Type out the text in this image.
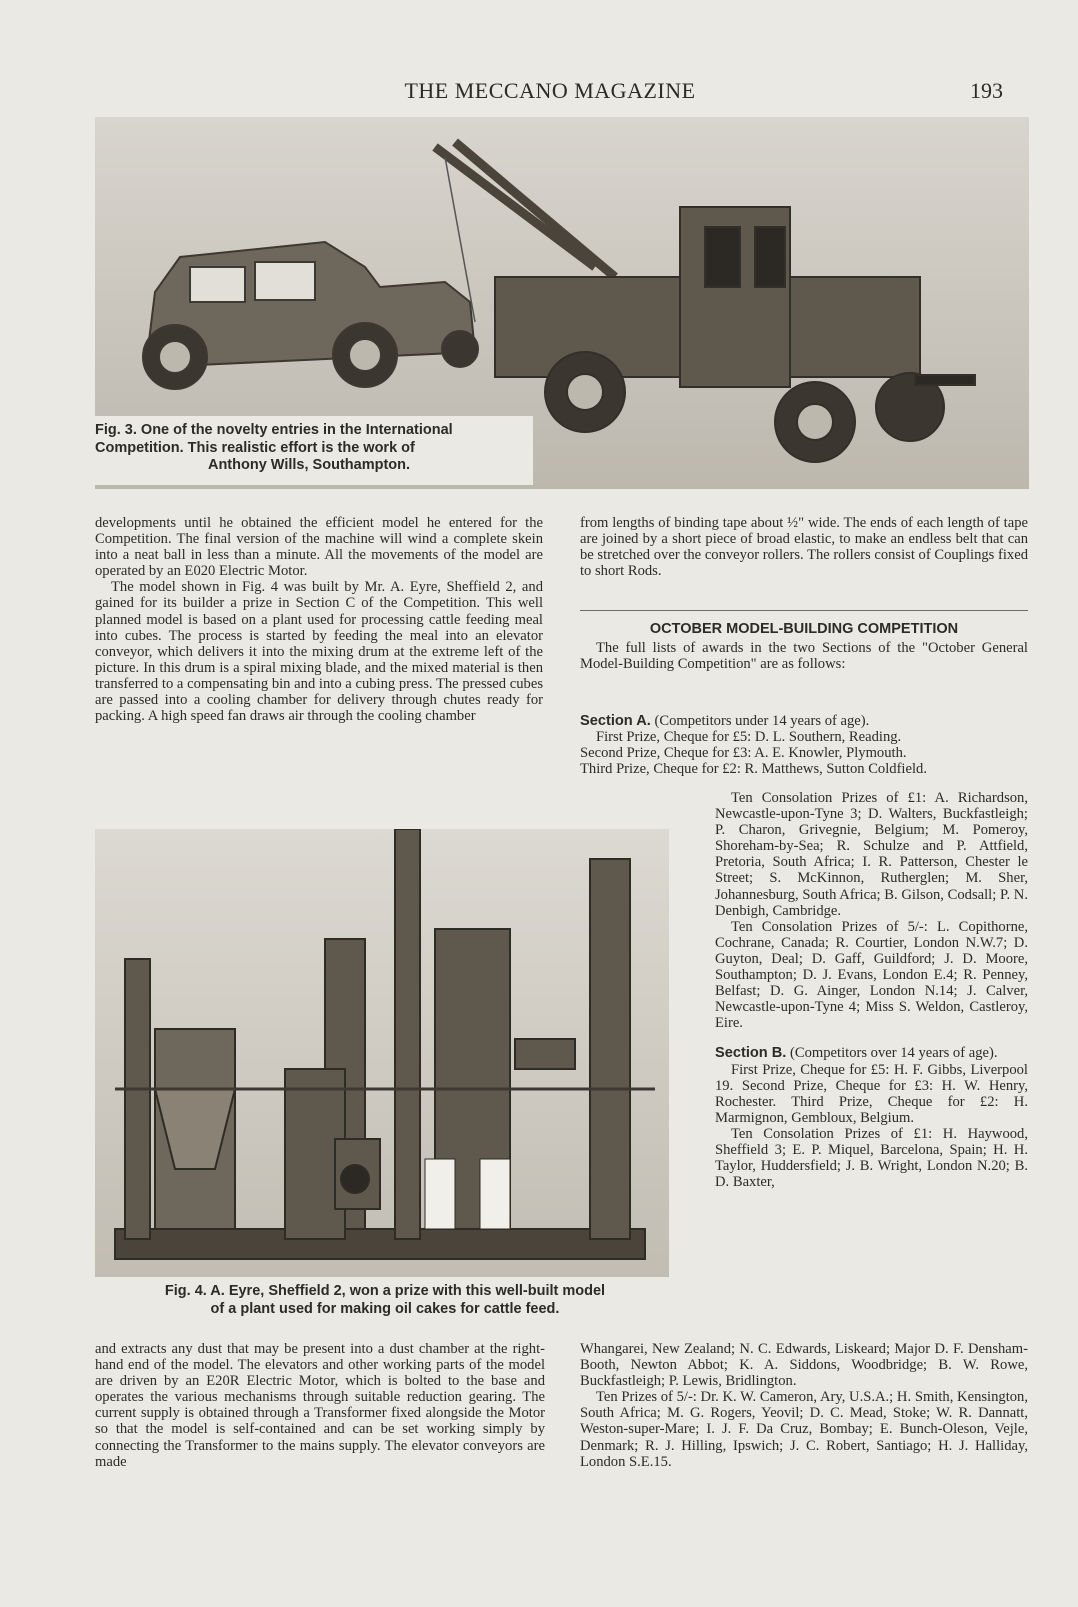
THE MECCANO MAGAZINE	193
Fig. 3. One of the novelty entries in the International
Competition. This realistic effort is the work of

Anthony Wills, Southampton.

developments until he obtained the efficient model he entered for the Competition. The final version of the machine will wind a complete skein into a neat ball in less than a minute. All the movements of the model are operated by an E020 Electric Motor.

The model shown in Fig. 4 was built by Mr. A. Eyre, Sheffield 2, and gained for its builder a prize in Section C of the Competition. This well planned model is based on a plant used for processing cattle feeding meal into cubes. The process is started by feeding the meal into an elevator conveyor, which delivers it into the mixing drum at the extreme left of the picture. In this drum is a spiral mixing blade, and the mixed material is then transferred to a compensating bin and into a cubing press. The pressed cubes are passed into a cooling chamber for delivery through chutes ready for packing. A high speed fan draws air through the cooling chamber

from lengths of binding tape about ½" wide. The ends of each length of tape are joined by a short piece of broad elastic, to make an endless belt that can be stretched over the conveyor rollers. The rollers consist of Couplings fixed to short Rods.

OCTOBER MODEL-BUILDING COMPETITION

The full lists of awards in the two Sections of the "October General Model-Building Competition" are as follows:

Section A. (Competitors under 14 years of age).

First Prize, Cheque for £5: D. L. Southern, Reading.

Second Prize, Cheque for £3: A. E. Knowler, Plymouth.

Third Prize, Cheque for £2: R. Matthews, Sutton Coldfield.

Ten Consolation Prizes of £1: A. Richardson, Newcastle-upon-Tyne 3; D. Walters, Buckfastleigh; P. Charon, Grivegnie, Belgium; M. Pomeroy, Shoreham-by-Sea; R. Schulze and P. Attfield, Pretoria, South Africa; I. R. Patterson, Chester le Street; S. McKinnon, Rutherglen; M. Sher, Johannesburg, South Africa; B. Gilson, Codsall; P. N. Denbigh, Cambridge.

Ten Consolation Prizes of 5/-: L. Copithorne, Cochrane, Canada; R. Courtier, London N.W.7; D. Guyton, Deal; D. Gaff, Guildford; J. D. Moore, Southampton; D. J. Evans, London E.4; R. Penney, Belfast; D. G. Ainger, London N.14; J. Calver, Newcastle-upon-Tyne 4; Miss S. Weldon, Castleroy, Eire.

Section B. (Competitors over 14 years of age).

First Prize, Cheque for £5: H. F. Gibbs, Liverpool 19. Second Prize, Cheque for £3: H. W. Henry, Rochester. Third Prize, Cheque for £2: H. Marmignon, Gembloux, Belgium.

Ten Consolation Prizes of £1: H. Haywood, Sheffield 3; E. P. Miquel, Barcelona, Spain; H. H. Taylor, Huddersfield; J. B. Wright, London N.20; B. D. Baxter,

Fig. 4. A. Eyre, Sheffield 2, won a prize with this well-built model
of a plant used for making oil cakes for cattle feed.

and extracts any dust that may be present into a dust chamber at the right-hand end of the model. The elevators and other working parts of the model are driven by an E20R Electric Motor, which is bolted to the base and operates the various mechanisms through suitable reduction gearing. The current supply is obtained through a Transformer fixed alongside the Motor so that the model is self-contained and can be set working simply by connecting the Transformer to the mains supply. The elevator conveyors are made

Whangarei, New Zealand; N. C. Edwards, Liskeard; Major D. F. Densham-Booth, Newton Abbot; K. A. Siddons, Woodbridge; B. W. Rowe, Buckfastleigh; P. Lewis, Bridlington.

Ten Prizes of 5/-: Dr. K. W. Cameron, Ary, U.S.A.; H. Smith, Kensington, South Africa; M. G. Rogers, Yeovil; D. C. Mead, Stoke; W. R. Dannatt, Weston-super-Mare; I. J. F. Da Cruz, Bombay; E. Bunch-Oleson, Vejle, Denmark; R. J. Hilling, Ipswich; J. C. Robert, Santiago; H. J. Halliday, London S.E.15.
